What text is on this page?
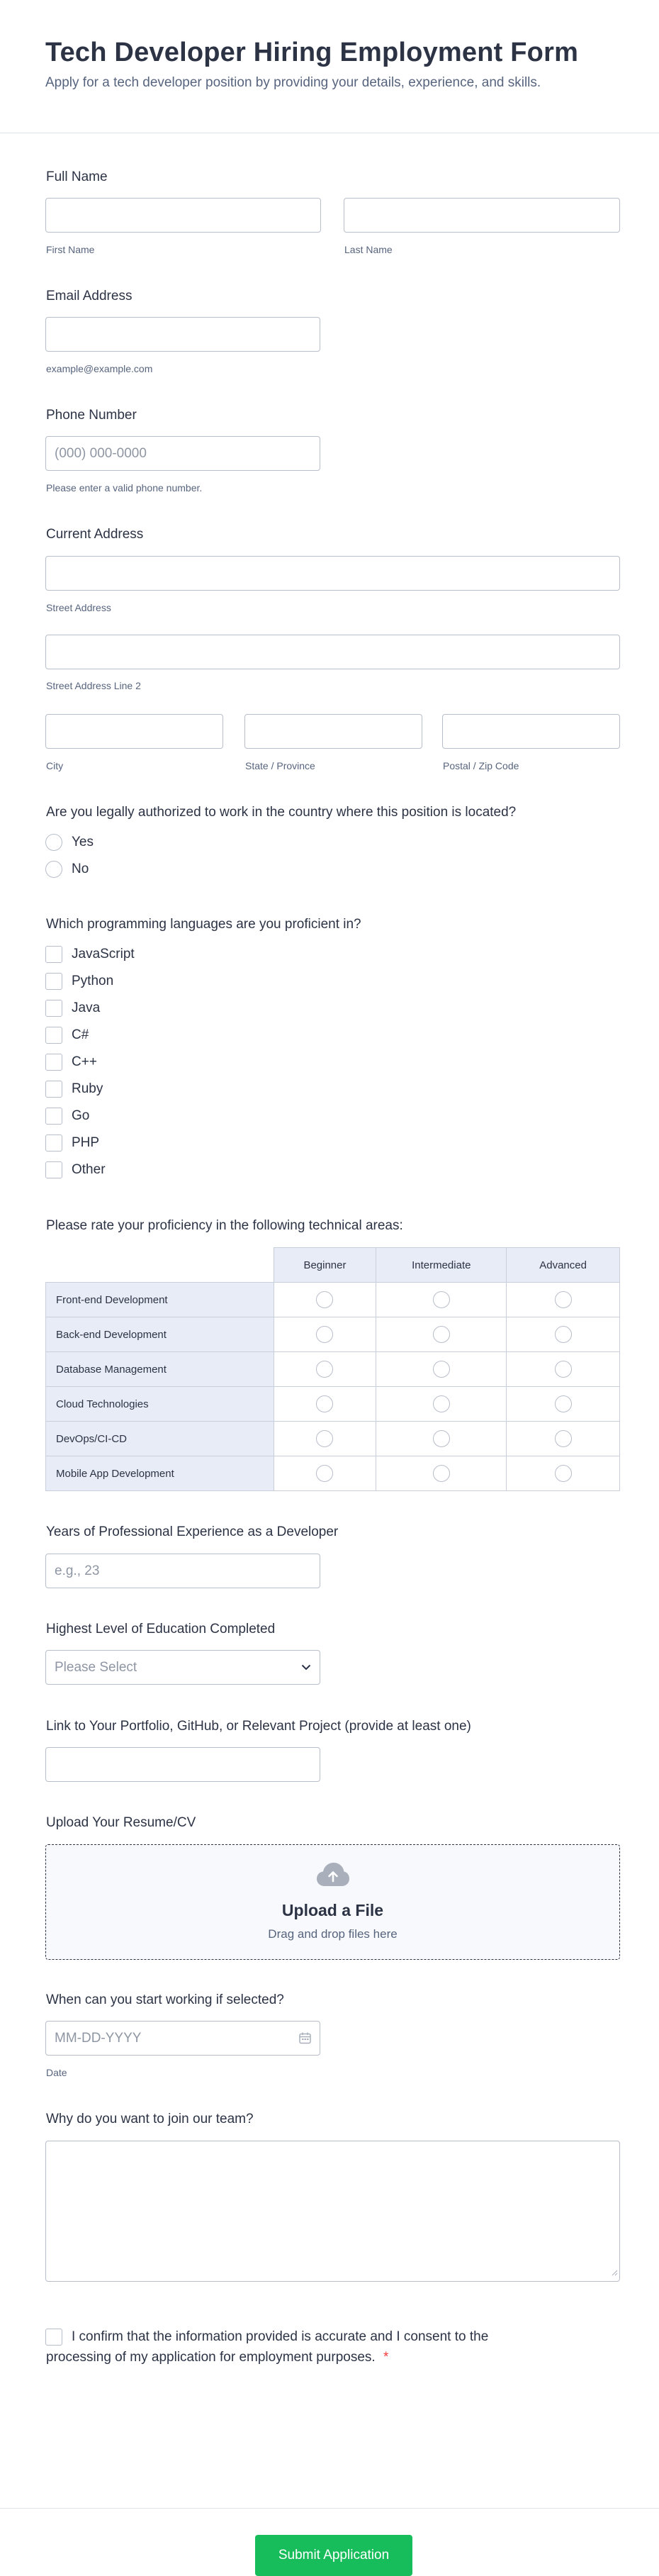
Tech Developer Hiring Employment Form

Apply for a tech developer position by providing your details, experience, and skills.

Full Name
First Name	Last Name
Email Address
example@example.com
Phone Number
(000) 000-0000
Please enter a valid phone number.
Current Address
Street Address
Street Address Line 2
City	State / Province	Postal / Zip Code
Are you legally authorized to work in the country where this position is located?
Yes
No
Which programming languages are you proficient in?
JavaScript
Python
Java
C#
C++
Ruby
Go
PHP
Other
Please rate your proficiency in the following technical areas:
	Beginner	Intermediate	Advanced
Front-end Development			
Back-end Development			
Database Management			
Cloud Technologies			
DevOps/CI-CD			
Mobile App Development			
Years of Professional Experience as a Developer
e.g., 23
Highest Level of Education Completed
Please Select
Link to Your Portfolio, GitHub, or Relevant Project (provide at least one)
Upload Your Resume/CV
Upload a File
Drag and drop files here
When can you start working if selected?
MM-DD-YYYY
Date
Why do you want to join our team?
I confirm that the information provided is accurate and I consent to the
processing of my application for employment purposes. *
Submit Application
